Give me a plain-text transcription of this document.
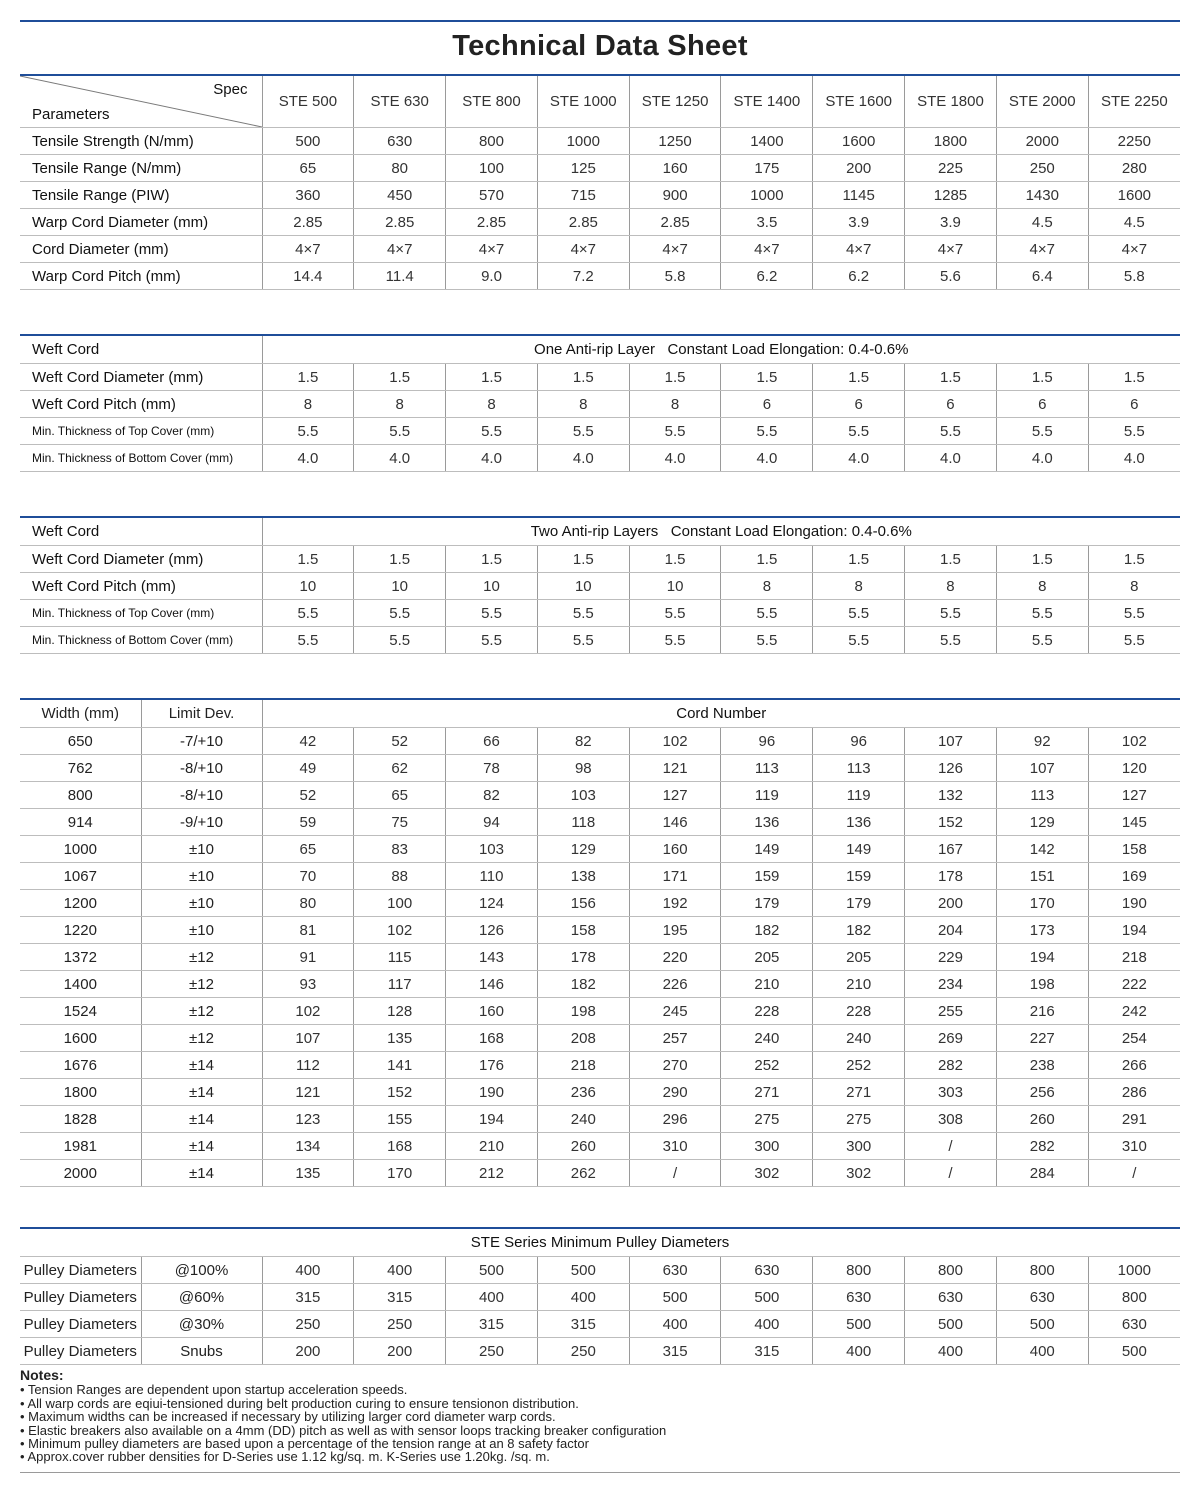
Technical Data Sheet
Spec
Parameters	STE 500	STE 630	STE 800	STE 1000	STE 1250	STE 1400	STE 1600	STE 1800	STE 2000	STE 2250
Tensile Strength (N/mm)	500	630	800	1000	1250	1400	1600	1800	2000	2250
Tensile Range (N/mm)	65	80	100	125	160	175	200	225	250	280
Tensile Range (PIW)	360	450	570	715	900	1000	1145	1285	1430	1600
Warp Cord Diameter (mm)	2.85	2.85	2.85	2.85	2.85	3.5	3.9	3.9	4.5	4.5
Cord Diameter (mm)	4×7	4×7	4×7	4×7	4×7	4×7	4×7	4×7	4×7	4×7
Warp Cord Pitch (mm)	14.4	11.4	9.0	7.2	5.8	6.2	6.2	5.6	6.4	5.8
Weft Cord	One Anti-rip Layer   Constant Load Elongation: 0.4-0.6%									
Weft Cord Diameter (mm)	1.5	1.5	1.5	1.5	1.5	1.5	1.5	1.5	1.5	1.5
Weft Cord Pitch (mm)	8	8	8	8	8	6	6	6	6	6
Min. Thickness of Top Cover (mm)	5.5	5.5	5.5	5.5	5.5	5.5	5.5	5.5	5.5	5.5
Min. Thickness of Bottom Cover (mm)	4.0	4.0	4.0	4.0	4.0	4.0	4.0	4.0	4.0	4.0
Weft Cord	Two Anti-rip Layers   Constant Load Elongation: 0.4-0.6%									
Weft Cord Diameter (mm)	1.5	1.5	1.5	1.5	1.5	1.5	1.5	1.5	1.5	1.5
Weft Cord Pitch (mm)	10	10	10	10	10	8	8	8	8	8
Min. Thickness of Top Cover (mm)	5.5	5.5	5.5	5.5	5.5	5.5	5.5	5.5	5.5	5.5
Min. Thickness of Bottom Cover (mm)	5.5	5.5	5.5	5.5	5.5	5.5	5.5	5.5	5.5	5.5
Width (mm)	Limit Dev.	Cord Number									
650	-7/+10	42	52	66	82	102	96	96	107	92	102
762	-8/+10	49	62	78	98	121	113	113	126	107	120
800	-8/+10	52	65	82	103	127	119	119	132	113	127
914	-9/+10	59	75	94	118	146	136	136	152	129	145
1000	±10	65	83	103	129	160	149	149	167	142	158
1067	±10	70	88	110	138	171	159	159	178	151	169
1200	±10	80	100	124	156	192	179	179	200	170	190
1220	±10	81	102	126	158	195	182	182	204	173	194
1372	±12	91	115	143	178	220	205	205	229	194	218
1400	±12	93	117	146	182	226	210	210	234	198	222
1524	±12	102	128	160	198	245	228	228	255	216	242
1600	±12	107	135	168	208	257	240	240	269	227	254
1676	±14	112	141	176	218	270	252	252	282	238	266
1800	±14	121	152	190	236	290	271	271	303	256	286
1828	±14	123	155	194	240	296	275	275	308	260	291
1981	±14	134	168	210	260	310	300	300	/	282	310
2000	±14	135	170	212	262	/	302	302	/	284	/
STE Series Minimum Pulley Diameters											
Pulley Diameters	@100%	400	400	500	500	630	630	800	800	800	1000
Pulley Diameters	@60%	315	315	400	400	500	500	630	630	630	800
Pulley Diameters	@30%	250	250	315	315	400	400	500	500	500	630
Pulley Diameters	Snubs	200	200	250	250	315	315	400	400	400	500
Notes:
• Tension Ranges are dependent upon startup acceleration speeds.
• All warp cords are eqiui-tensioned during belt production curing to ensure tensionon distribution.
• Maximum widths can be increased if necessary by utilizing larger cord diameter warp cords.
• Elastic breakers also available on a 4mm (DD) pitch as well as with sensor loops tracking breaker configuration
• Minimum pulley diameters are based upon a percentage of the tension range at an 8 safety factor
• Approx.cover rubber densities for D-Series use 1.12 kg/sq. m. K-Series use 1.20kg. /sq. m.
